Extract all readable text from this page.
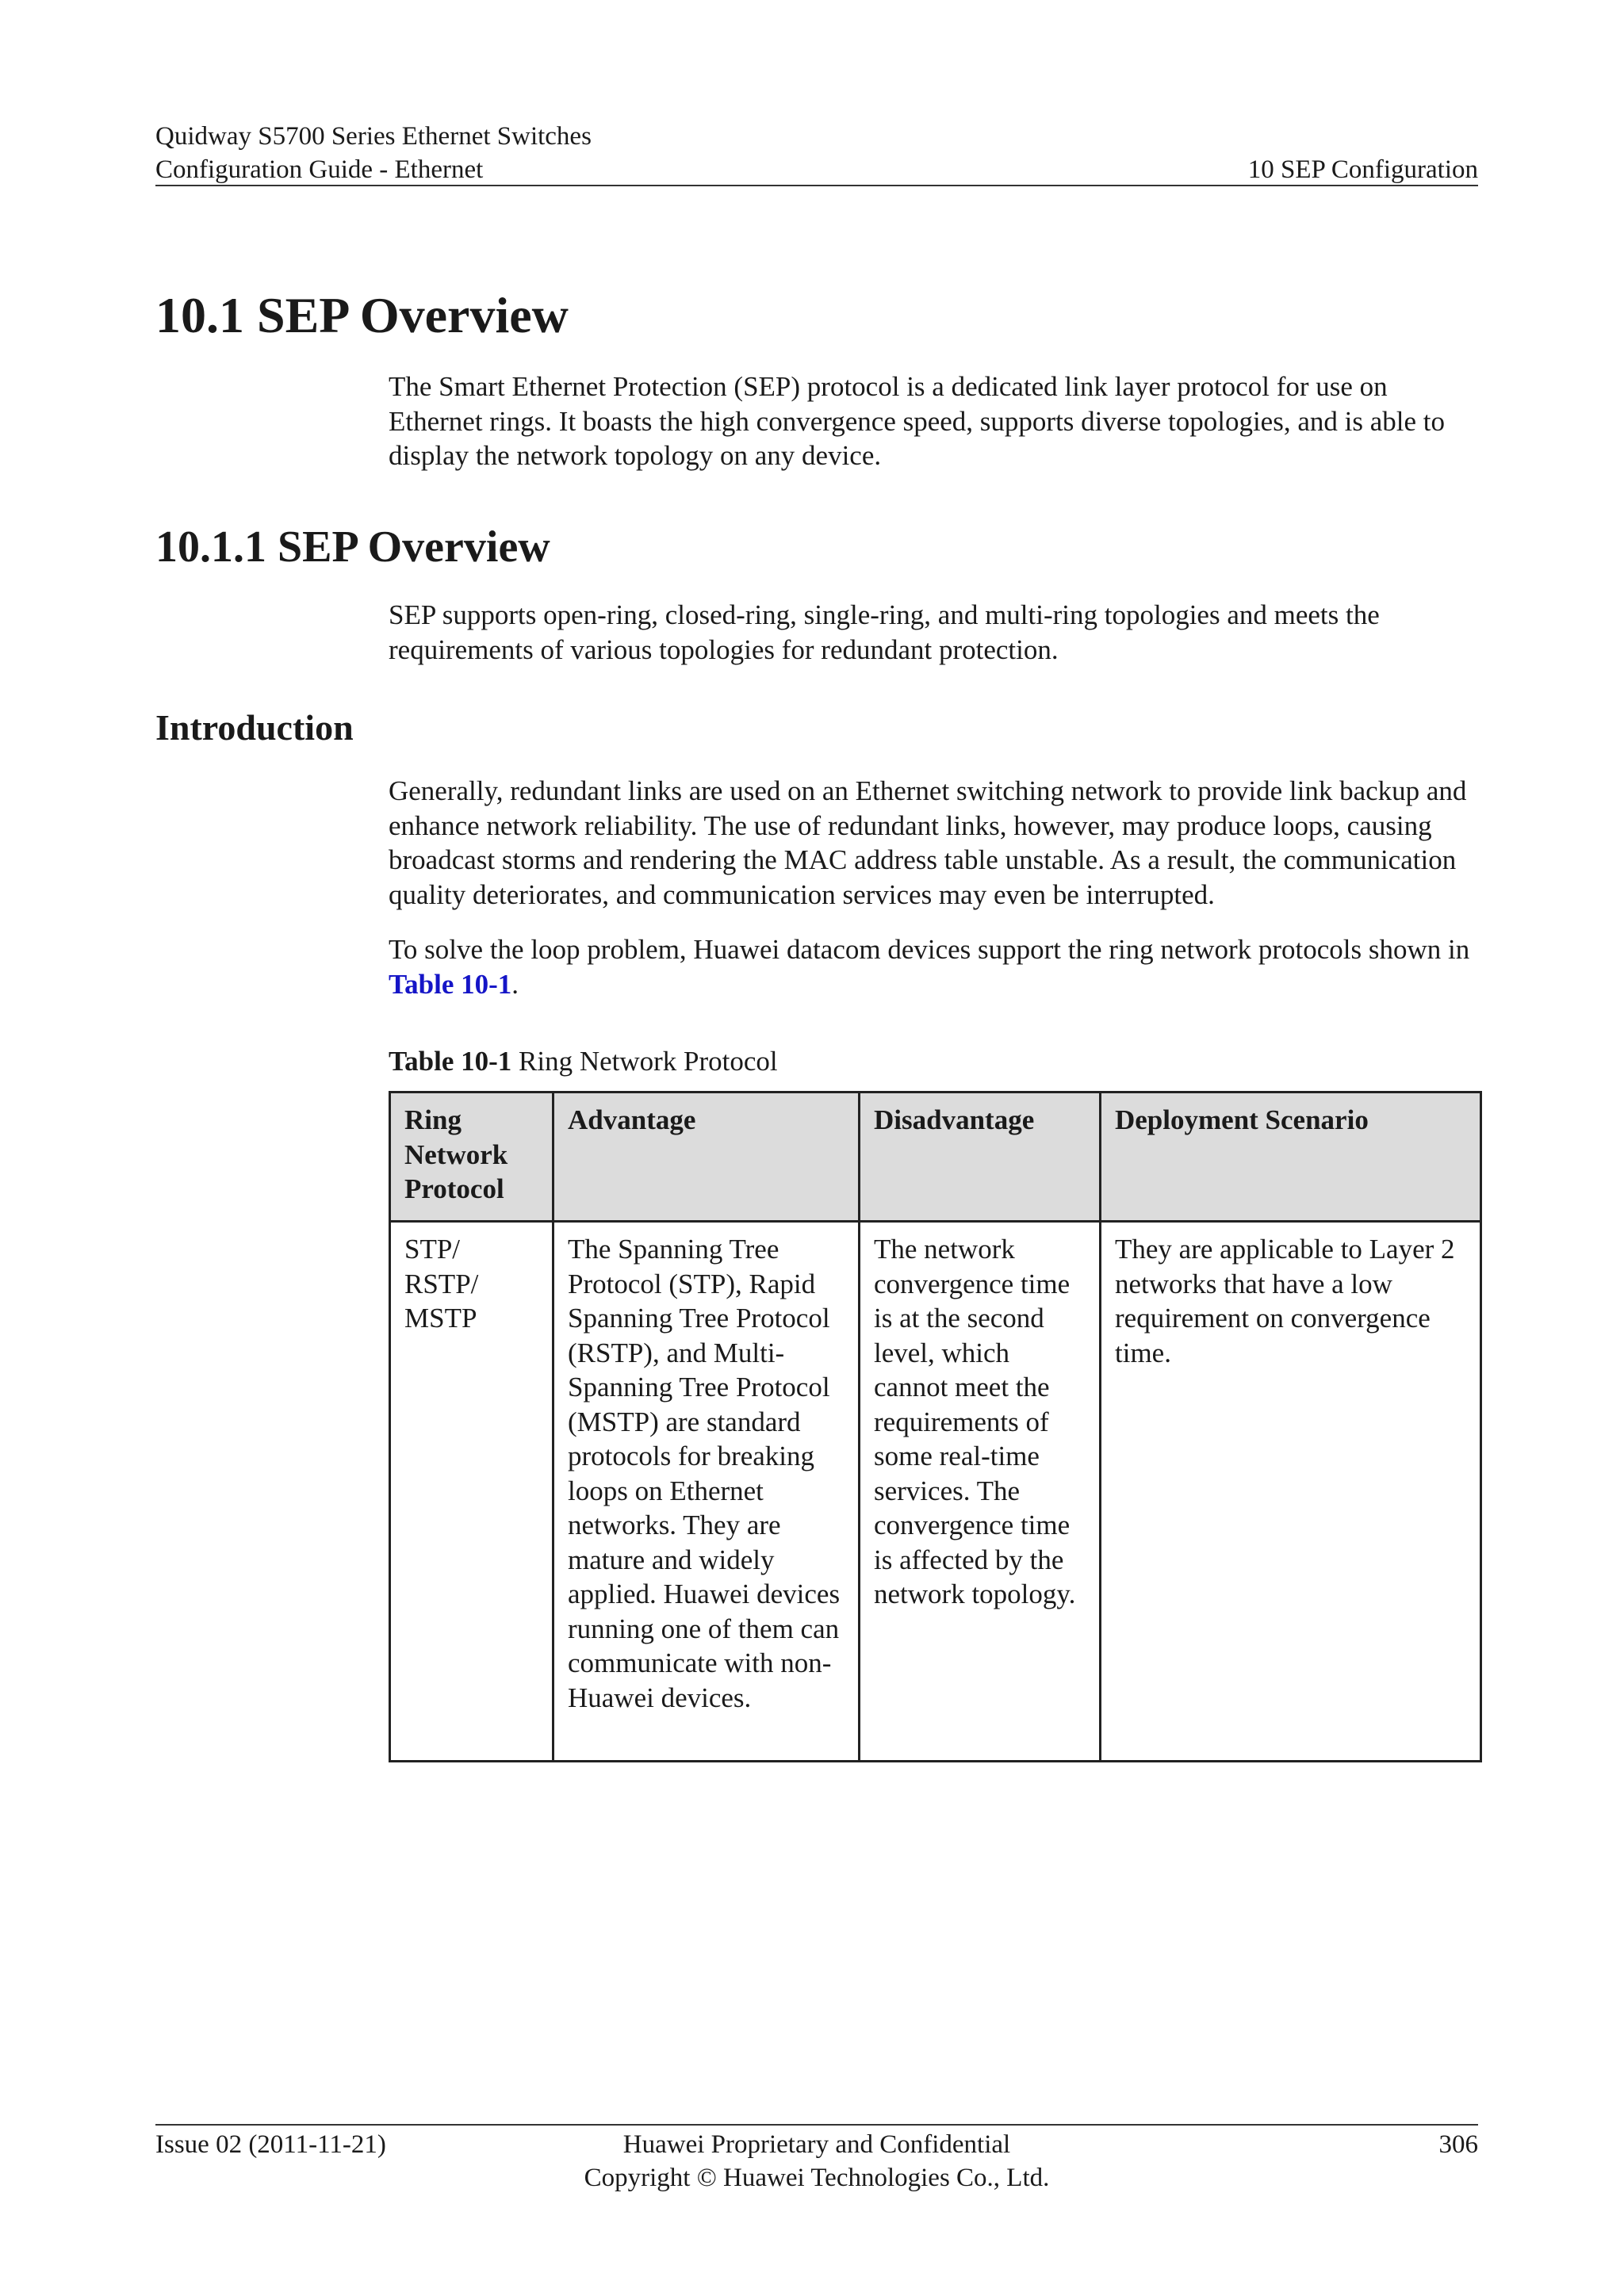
Quidway S5700 Series Ethernet Switches
Configuration Guide - Ethernet	10 SEP Configuration
10.1 SEP Overview

The Smart Ethernet Protection (SEP) protocol is a dedicated link layer protocol for use on Ethernet rings. It boasts the high convergence speed, supports diverse topologies, and is able to display the network topology on any device.

10.1.1 SEP Overview

SEP supports open-ring, closed-ring, single-ring, and multi-ring topologies and meets the requirements of various topologies for redundant protection.

Introduction

Generally, redundant links are used on an Ethernet switching network to provide link backup and enhance network reliability. The use of redundant links, however, may produce loops, causing broadcast storms and rendering the MAC address table unstable. As a result, the communication quality deteriorates, and communication services may even be interrupted.

To solve the loop problem, Huawei datacom devices support the ring network protocols shown in Table 10-1.

Table 10-1 Ring Network Protocol
Ring Network Protocol	Advantage	Disadvantage	Deployment Scenario
STP/ RSTP/ MSTP	The Spanning Tree Protocol (STP), Rapid Spanning Tree Protocol (RSTP), and Multi-Spanning Tree Protocol (MSTP) are standard protocols for breaking loops on Ethernet networks. They are mature and widely applied. Huawei devices running one of them can communicate with non-Huawei devices.	The network convergence time is at the second level, which cannot meet the requirements of some real-time services. The convergence time is affected by the network topology.	They are applicable to Layer 2 networks that have a low requirement on convergence time.
Issue 02 (2011-11-21)	Huawei Proprietary and Confidential
Copyright © Huawei Technologies Co., Ltd.
306
